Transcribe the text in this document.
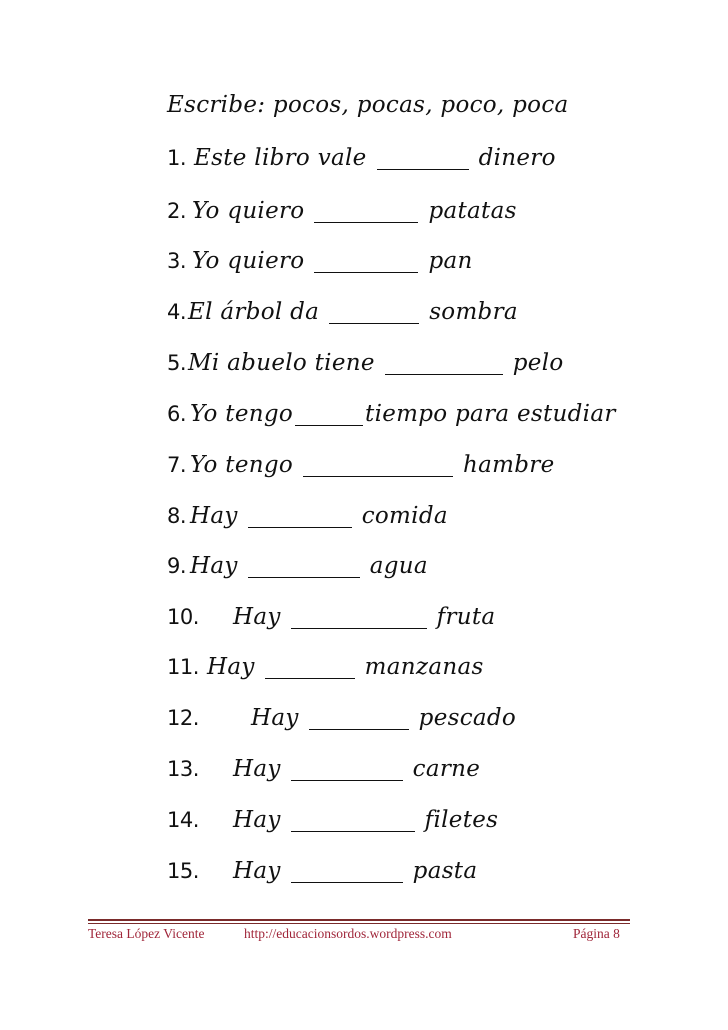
Escribe: pocos, pocas, poco, poca
1. Este libro vale	dinero
2. Yo quiero	patatas
3. Yo quiero	pan
4. El árbol da	sombra
5. Mi abuelo tiene	pelo
6. Yo tengo	tiempo para estudiar
7. Yo tengo	hambre
8. Hay	comida
9. Hay	agua
10.	Hay	fruta
11. Hay	manzanas
12.	Hay	pescado
13.	Hay	carne
14.	Hay	filetes
15.	Hay	pasta
Teresa López Vicente	http://educacionsordos.wordpress.com	Página 8
